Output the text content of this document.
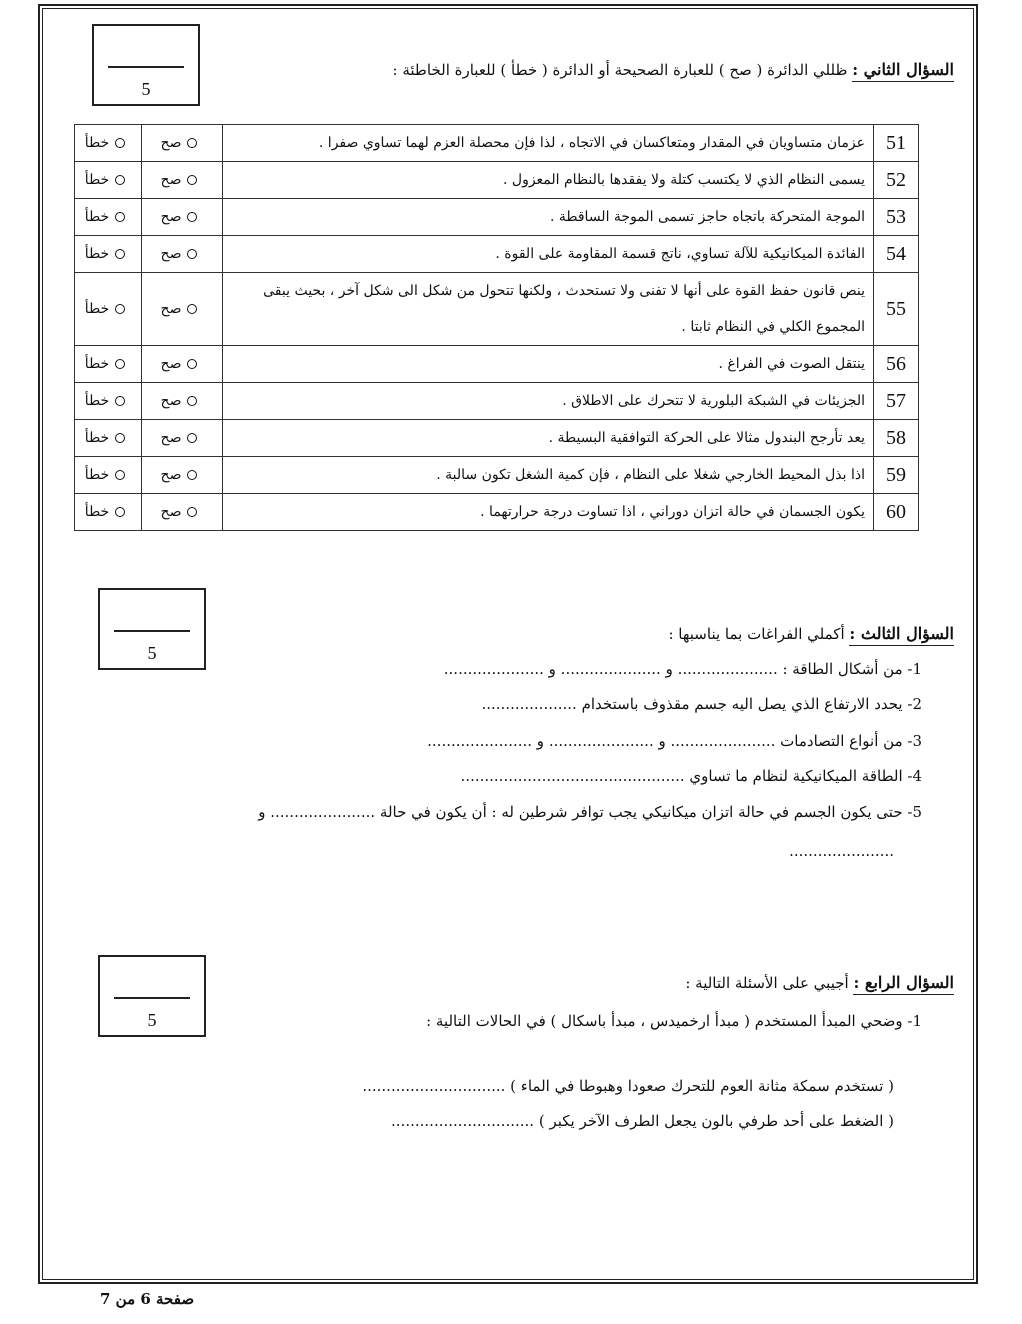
5
السؤال الثاني : ظللي الدائرة ( صح ) للعبارة الصحيحة أو الدائرة ( خطأ ) للعبارة الخاطئة :
51	عزمان متساويان في المقدار ومتعاكسان في الاتجاه ، لذا فإن محصلة العزم لهما تساوي صفرا .	صح	خطأ
52	يسمى النظام الذي لا يكتسب كتلة ولا يفقدها بالنظام المعزول .	صح	خطأ
53	الموجة المتحركة باتجاه حاجز تسمى الموجة الساقطة .	صح	خطأ
54	الفائدة الميكانيكية للآلة تساوي، ناتج قسمة المقاومة على القوة .	صح	خطأ
55	ينص قانون حفظ القوة على أنها لا تفنى ولا تستحدث ، ولكنها تتحول من شكل الى شكل آخر ، بحيث يبقى المجموع الكلي في النظام ثابتا .	صح	خطأ
56	ينتقل الصوت في الفراغ .	صح	خطأ
57	الجزيئات في الشبكة البلورية لا تتحرك على الاطلاق .	صح	خطأ
58	يعد تأرجح البندول مثالا على الحركة التوافقية البسيطة .	صح	خطأ
59	اذا بذل المحيط الخارجي شغلا على النظام ، فإن كمية الشغل تكون سالبة .	صح	خطأ
60	يكون الجسمان في حالة اتزان دوراني ، اذا تساوت درجة حرارتهما .	صح	خطأ
5
السؤال الثالث : أكملي الفراغات بما يناسبها :
1- من أشكال الطاقة : ..................... و ..................... و .....................
2- يحدد الارتفاع الذي يصل اليه جسم مقذوف باستخدام ....................
3- من أنواع التصادمات ...................... و ...................... و ......................
4- الطاقة الميكانيكية لنظام ما تساوي ...............................................
5- حتى يكون الجسم في حالة اتزان ميكانيكي يجب توافر شرطين له : أن يكون في حالة ...................... و
......................
5
السؤال الرابع : أجيبي على الأسئلة التالية :
1- وضحي المبدأ المستخدم ( مبدأ ارخميدس ، مبدأ باسكال ) في الحالات التالية :
( تستخدم سمكة مثانة العوم للتحرك صعودا وهبوطا في الماء ) ..............................
( الضغط على أحد طرفي بالون يجعل الطرف الآخر يكبر ) ..............................
صفحة 6 من 7
